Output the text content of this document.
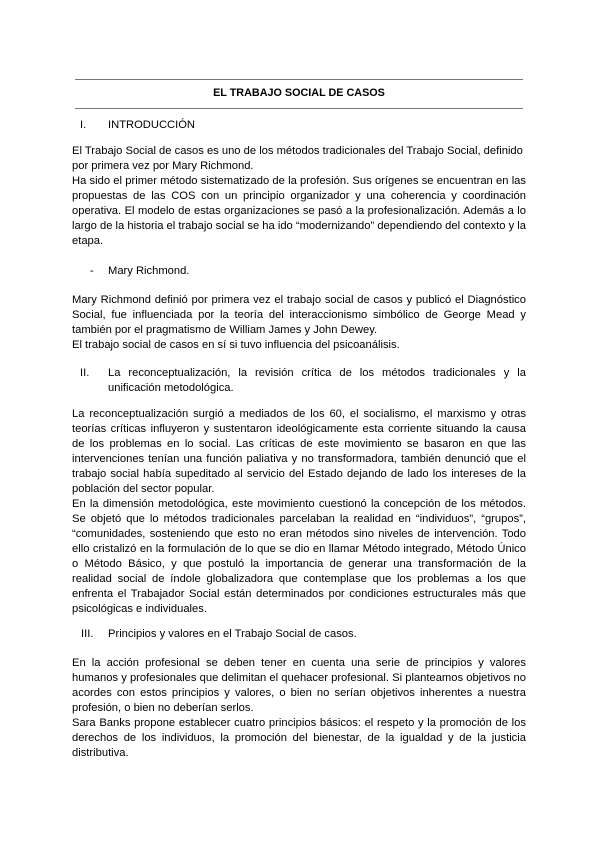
EL TRABAJO SOCIAL DE CASOS
I. INTRODUCCIÓN

El Trabajo Social de casos es uno de los métodos tradicionales del Trabajo Social, definido por primera vez por Mary Richmond.

Ha sido el primer método sistematizado de la profesión. Sus orígenes se encuentran en las propuestas de las COS con un principio organizador y una coherencia y coordinación operativa. El modelo de estas organizaciones se pasó a la profesionalización. Además a lo largo de la historia el trabajo social se ha ido “modernizando” dependiendo del contexto y la etapa.

- Mary Richmond.

Mary Richmond definió por primera vez el trabajo social de casos y publicó el Diagnóstico Social, fue influenciada por la teoría del interaccionismo simbólico de George Mead y también por el pragmatismo de William James y John Dewey.

El trabajo social de casos en sí si tuvo influencia del psicoanálisis.

II. La reconceptualización, la revisión crítica de los métodos tradicionales y la unificación metodológica.

La reconceptualización surgió a mediados de los 60, el socialismo, el marxismo y otras teorías críticas influyeron y sustentaron ideológicamente esta corriente situando la causa de los problemas en lo social. Las críticas de este movimiento se basaron en que las intervenciones tenían una función paliativa y no transformadora, también denunció que el trabajo social había supeditado al servicio del Estado dejando de lado los intereses de la población del sector popular.

En la dimensión metodológica, este movimiento cuestionó la concepción de los métodos. Se objetó que lo métodos tradicionales parcelaban la realidad en “individuos”, “grupos”, “comunidades, sosteniendo que esto no eran métodos sino niveles de intervención. Todo ello cristalizó en la formulación de lo que se dio en llamar Método integrado, Método Único o Método Básico, y que postuló la importancia de generar una transformación de la realidad social de índole globalizadora que contemplase que los problemas a los que enfrenta el Trabajador Social están determinados por condiciones estructurales más que psicológicas e individuales.

III. Principios y valores en el Trabajo Social de casos.

En la acción profesional se deben tener en cuenta una serie de principios y valores humanos y profesionales que delimitan el quehacer profesional. Si planteamos objetivos no acordes con estos principios y valores, o bien no serían objetivos inherentes a nuestra profesión, o bien no deberían serlos.

Sara Banks propone establecer cuatro principios básicos: el respeto y la promoción de los derechos de los individuos, la promoción del bienestar, de la igualdad y de la justicia distributiva.
